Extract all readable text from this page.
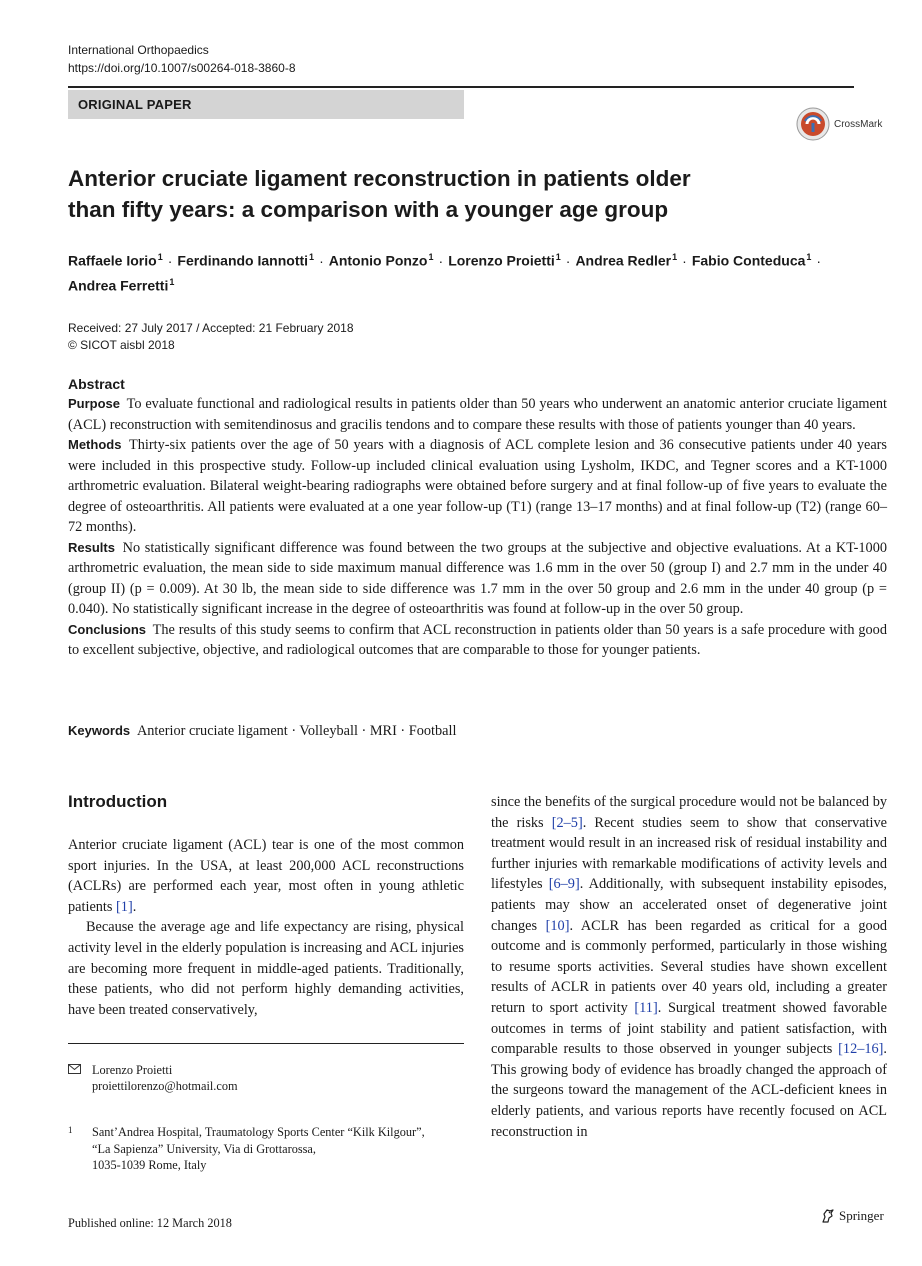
International Orthopaedics
https://doi.org/10.1007/s00264-018-3860-8
ORIGINAL PAPER
CrossMark
Anterior cruciate ligament reconstruction in patients older
than fifty years: a comparison with a younger age group
Raffaele Iorio$^1$ · Ferdinando Iannotti$^1$ · Antonio Ponzo$^1$ · Lorenzo Proietti$^1$ · Andrea Redler$^1$ · Fabio Conteduca$^1$ ·
Andrea Ferretti$^1$
Received: 27 July 2017 / Accepted: 21 February 2018
© SICOT aisbl 2018
Abstract

Purpose To evaluate functional and radiological results in patients older than 50 years who underwent an anatomic anterior cruciate ligament (ACL) reconstruction with semitendinosus and gracilis tendons and to compare these results with those of patients younger than 40 years.

Methods Thirty-six patients over the age of 50 years with a diagnosis of ACL complete lesion and 36 consecutive patients under 40 years were included in this prospective study. Follow-up included clinical evaluation using Lysholm, IKDC, and Tegner scores and a KT-1000 arthrometric evaluation. Bilateral weight-bearing radiographs were obtained before surgery and at final follow-up of five years to evaluate the degree of osteoarthritis. All patients were evaluated at a one year follow-up (T1) (range 13–17 months) and at final follow-up (T2) (range 60–72 months).

Results No statistically significant difference was found between the two groups at the subjective and objective evaluations. At a KT-1000 arthrometric evaluation, the mean side to side maximum manual difference was 1.6 mm in the over 50 (group I) and 2.7 mm in the under 40 (group II) (p = 0.009). At 30 lb, the mean side to side difference was 1.7 mm in the over 50 group and 2.6 mm in the under 40 group (p = 0.040). No statistically significant increase in the degree of osteoarthritis was found at follow-up in the over 50 group.

Conclusions The results of this study seems to confirm that ACL reconstruction in patients older than 50 years is a safe procedure with good to excellent subjective, objective, and radiological outcomes that are comparable to those for younger patients.

Keywords Anterior cruciate ligament · Volleyball · MRI · Football
Introduction

Anterior cruciate ligament (ACL) tear is one of the most common sport injuries. In the USA, at least 200,000 ACL reconstructions (ACLRs) are performed each year, most often in young athletic patients [1].

Because the average age and life expectancy are rising, physical activity level in the elderly population is increasing and ACL injuries are becoming more frequent in middle-aged patients. Traditionally, these patients, who did not perform highly demanding activities, have been treated conservatively,

since the benefits of the surgical procedure would not be balanced by the risks [2–5]. Recent studies seem to show that conservative treatment would result in an increased risk of residual instability and further injuries with remarkable modifications of activity levels and lifestyles [6–9]. Additionally, with subsequent instability episodes, patients may show an accelerated onset of degenerative joint changes [10]. ACLR has been regarded as critical for a good outcome and is commonly performed, particularly in those wishing to resume sports activities. Several studies have shown excellent results of ACLR in patients over 40 years old, including a greater return to sport activity [11]. Surgical treatment showed favorable outcomes in terms of joint stability and patient satisfaction, with comparable results to those observed in younger subjects [12–16]. This growing body of evidence has broadly changed the approach of the surgeons toward the management of the ACL-deficient knees in elderly patients, and various reports have recently focused on ACL reconstruction in

Lorenzo Proietti
proiettilorenzo@hotmail.com
1 Sant’Andrea Hospital, Traumatology Sports Center “Kilk Kilgour”,
“La Sapienza” University, Via di Grottarossa,
1035-1039 Rome, Italy
Published online: 12 March 2018	Springer
